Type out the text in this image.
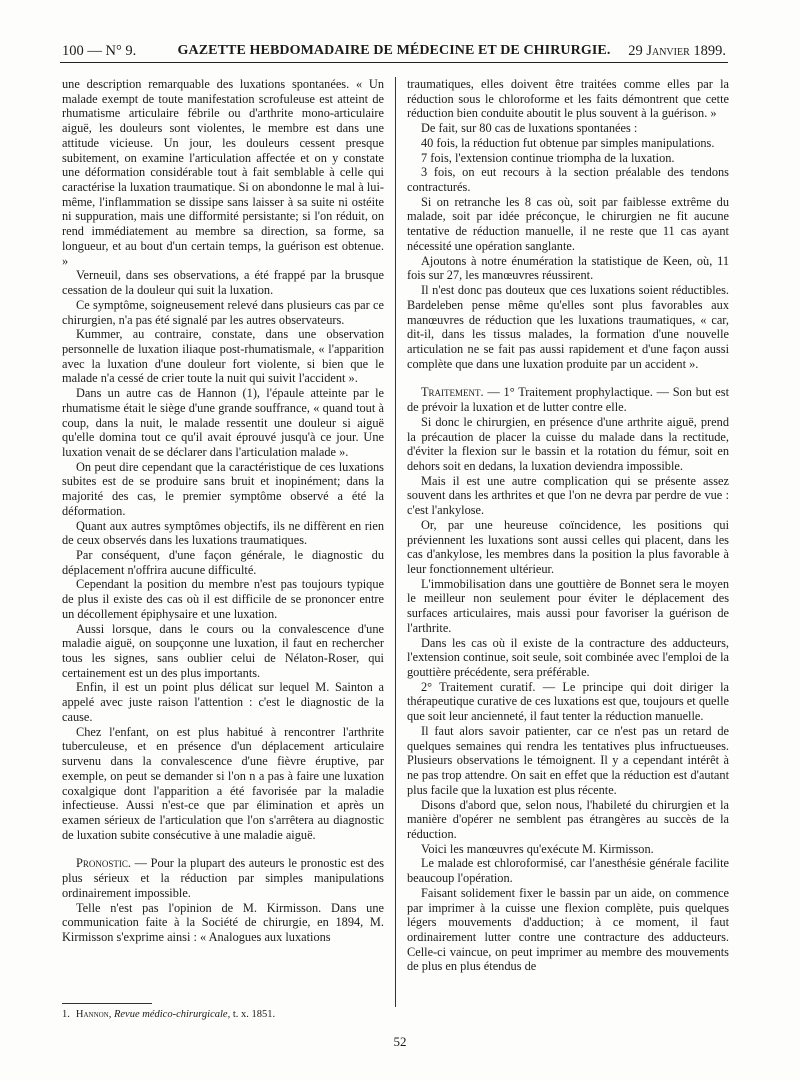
100 — N° 9.	GAZETTE HEBDOMADAIRE DE MÉDECINE ET DE CHIRURGIE.	29 Janvier 1899.

une description remarquable des luxations spontanées. « Un malade exempt de toute manifestation scrofuleuse est atteint de rhumatisme articulaire fébrile ou d'arthrite mono-articulaire aiguë, les douleurs sont violentes, le membre est dans une attitude vicieuse. Un jour, les douleurs cessent presque subitement, on examine l'articulation affectée et on y constate une déformation considérable tout à fait semblable à celle qui caractérise la luxation traumatique. Si on abondonne le mal à lui-même, l'inflammation se dissipe sans laisser à sa suite ni ostéite ni suppuration, mais une difformité persistante; si l'on réduit, on rend immédiatement au membre sa direction, sa forme, sa longueur, et au bout d'un certain temps, la guérison est obtenue. »

Verneuil, dans ses observations, a été frappé par la brusque cessation de la douleur qui suit la luxation.

Ce symptôme, soigneusement relevé dans plusieurs cas par ce chirurgien, n'a pas été signalé par les autres observateurs.

Kummer, au contraire, constate, dans une observation personnelle de luxation iliaque post-rhumatismale, « l'apparition avec la luxation d'une douleur fort violente, si bien que le malade n'a cessé de crier toute la nuit qui suivit l'accident ».

Dans un autre cas de Hannon (1), l'épaule atteinte par le rhumatisme était le siège d'une grande souffrance, « quand tout à coup, dans la nuit, le malade ressentit une douleur si aiguë qu'elle domina tout ce qu'il avait éprouvé jusqu'à ce jour. Une luxation venait de se déclarer dans l'articulation malade ».

On peut dire cependant que la caractéristique de ces luxations subites est de se produire sans bruit et inopinément; dans la majorité des cas, le premier symptôme observé a été la déformation.

Quant aux autres symptômes objectifs, ils ne diffèrent en rien de ceux observés dans les luxations traumatiques.

Par conséquent, d'une façon générale, le diagnostic du déplacement n'offrira aucune difficulté.

Cependant la position du membre n'est pas toujours typique de plus il existe des cas où il est difficile de se prononcer entre un décollement épiphysaire et une luxation.

Aussi lorsque, dans le cours ou la convalescence d'une maladie aiguë, on soupçonne une luxation, il faut en rechercher tous les signes, sans oublier celui de Nélaton-Roser, qui certainement est un des plus importants.

Enfin, il est un point plus délicat sur lequel M. Sainton a appelé avec juste raison l'attention : c'est le diagnostic de la cause.

Chez l'enfant, on est plus habitué à rencontrer l'arthrite tuberculeuse, et en présence d'un déplacement articulaire survenu dans la convalescence d'une fièvre éruptive, par exemple, on peut se demander si l'on n a pas à faire une luxation coxalgique dont l'apparition a été favorisée par la maladie infectieuse. Aussi n'est-ce que par élimination et après un examen sérieux de l'articulation que l'on s'arrêtera au diagnostic de luxation subite consécutive à une maladie aiguë.

Pronostic. — Pour la plupart des auteurs le pronostic est des plus sérieux et la réduction par simples manipulations ordinairement impossible.

Telle n'est pas l'opinion de M. Kirmisson. Dans une communication faite à la Société de chirurgie, en 1894, M. Kirmisson s'exprime ainsi : « Analogues aux luxations

traumatiques, elles doivent être traitées comme elles par la réduction sous le chloroforme et les faits démontrent que cette réduction bien conduite aboutit le plus souvent à la guérison. »

De fait, sur 80 cas de luxations spontanées :

40 fois, la réduction fut obtenue par simples manipulations.

7 fois, l'extension continue triompha de la luxation.

3 fois, on eut recours à la section préalable des tendons contracturés.

Si on retranche les 8 cas où, soit par faiblesse extrême du malade, soit par idée préconçue, le chirurgien ne fit aucune tentative de réduction manuelle, il ne reste que 11 cas ayant nécessité une opération sanglante.

Ajoutons à notre énumération la statistique de Keen, où, 11 fois sur 27, les manœuvres réussirent.

Il n'est donc pas douteux que ces luxations soient réductibles. Bardeleben pense même qu'elles sont plus favorables aux manœuvres de réduction que les luxations traumatiques, « car, dit-il, dans les tissus malades, la formation d'une nouvelle articulation ne se fait pas aussi rapidement et d'une façon aussi complète que dans une luxation produite par un accident ».

Traitement. — 1° Traitement prophylactique. — Son but est de prévoir la luxation et de lutter contre elle.

Si donc le chirurgien, en présence d'une arthrite aiguë, prend la précaution de placer la cuisse du malade dans la rectitude, d'éviter la flexion sur le bassin et la rotation du fémur, soit en dehors soit en dedans, la luxation deviendra impossible.

Mais il est une autre complication qui se présente assez souvent dans les arthrites et que l'on ne devra par perdre de vue : c'est l'ankylose.

Or, par une heureuse coïncidence, les positions qui préviennent les luxations sont aussi celles qui placent, dans les cas d'ankylose, les membres dans la position la plus favorable à leur fonctionnement ultérieur.

L'immobilisation dans une gouttière de Bonnet sera le moyen le meilleur non seulement pour éviter le déplacement des surfaces articulaires, mais aussi pour favoriser la guérison de l'arthrite.

Dans les cas où il existe de la contracture des adducteurs, l'extension continue, soit seule, soit combinée avec l'emploi de la gouttière précédente, sera préférable.

2° Traitement curatif. — Le principe qui doit diriger la thérapeutique curative de ces luxations est que, toujours et quelle que soit leur ancienneté, il faut tenter la réduction manuelle.

Il faut alors savoir patienter, car ce n'est pas un retard de quelques semaines qui rendra les tentatives plus infructueuses. Plusieurs observations le témoignent. Il y a cependant intérêt à ne pas trop attendre. On sait en effet que la réduction est d'autant plus facile que la luxation est plus récente.

Disons d'abord que, selon nous, l'habileté du chirurgien et la manière d'opérer ne semblent pas étrangères au succès de la réduction.

Voici les manœuvres qu'exécute M. Kirmisson.

Le malade est chloroformisé, car l'anesthésie générale facilite beaucoup l'opération.

Faisant solidement fixer le bassin par un aide, on commence par imprimer à la cuisse une flexion complète, puis quelques légers mouvements d'adduction; à ce moment, il faut ordinairement lutter contre une contracture des adducteurs. Celle-ci vaincue, on peut imprimer au membre des mouvements de plus en plus étendus de

1. Hannon, Revue médico-chirurgicale, t. x. 1851.
52
